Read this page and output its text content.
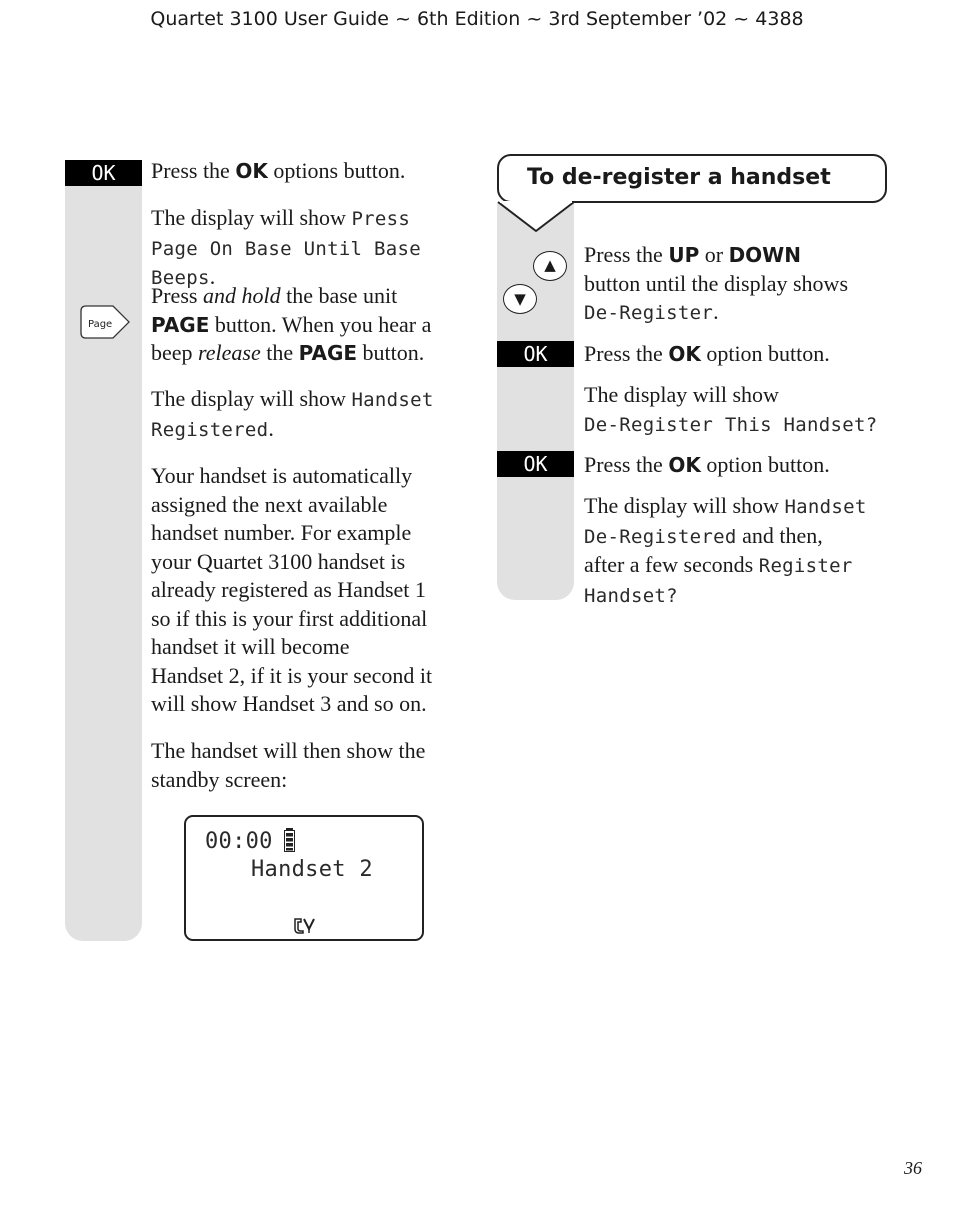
Quartet 3100 User Guide ~ 6th Edition ~ 3rd September ’02 ~ 4388
OK
Page
Press the OK options button.
The display will show Press
Page On Base Until Base Beeps.
Press and hold the base unit
PAGE button. When you hear a beep release the PAGE button.
The display will show Handset
Registered.
Your handset is automatically
assigned the next available
handset number. For example
your Quartet 3100 handset is
already registered as Handset 1
so if this is your first additional
handset it will become
Handset 2, if it is your second it
will show Handset 3 and so on.
The handset will then show the
standby screen:
00:00
Handset 2
To de-register a handset
▲
▼
OK
OK
Press the UP or DOWN
button until the display shows
De-Register.
Press the OK option button.
The display will show
De-Register This Handset?
Press the OK option button.
The display will show Handset
De-Registered and then,
after a few seconds Register
Handset?
36
